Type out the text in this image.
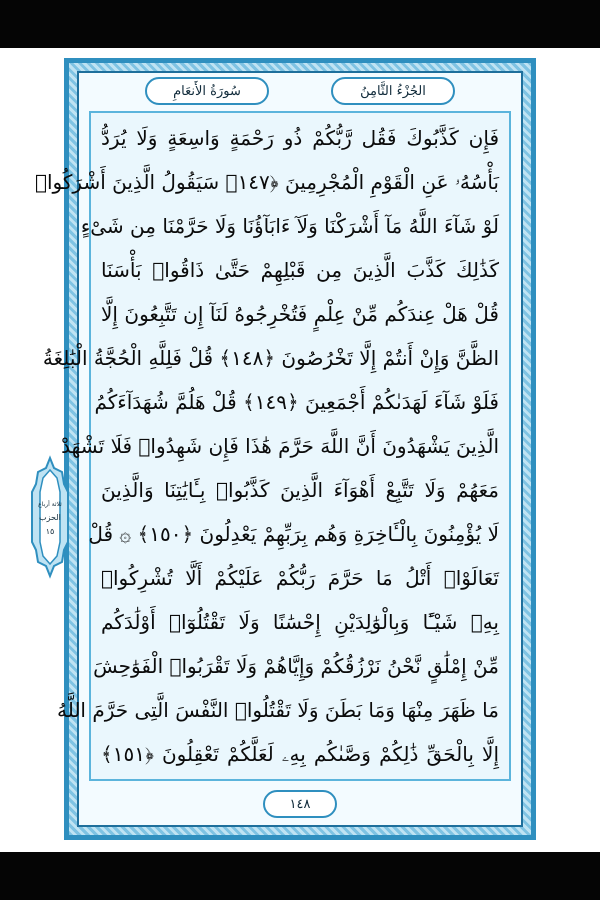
الجُزْءُ الثَّامِنُ
سُورَةُ الأَنعَامِ
فَإِن كَذَّبُوكَ فَقُل رَّبُّكُمْ ذُو رَحْمَةٍ وَاسِعَةٍ وَلَا يُرَدُّ
بَأْسُهُۥ عَنِ الْقَوْمِ الْمُجْرِمِينَ ﴿١٤٧﴾ سَيَقُولُ الَّذِينَ أَشْرَكُوا۟
لَوْ شَآءَ اللَّهُ مَآ أَشْرَكْنَا وَلَآ ءَابَآؤُنَا وَلَا حَرَّمْنَا مِن شَىْءٍ
كَذَٰلِكَ كَذَّبَ الَّذِينَ مِن قَبْلِهِمْ حَتَّىٰ ذَاقُوا۟ بَأْسَنَا
قُلْ هَلْ عِندَكُم مِّنْ عِلْمٍ فَتُخْرِجُوهُ لَنَآ إِن تَتَّبِعُونَ إِلَّا
الظَّنَّ وَإِنْ أَنتُمْ إِلَّا تَخْرُصُونَ ﴿١٤٨﴾ قُلْ فَلِلَّهِ الْحُجَّةُ الْبَٰلِغَةُ
فَلَوْ شَآءَ لَهَدَىٰكُمْ أَجْمَعِينَ ﴿١٤٩﴾ قُلْ هَلُمَّ شُهَدَآءَكُمُ
الَّذِينَ يَشْهَدُونَ أَنَّ اللَّهَ حَرَّمَ هَٰذَا فَإِن شَهِدُوا۟ فَلَا تَشْهَدْ
مَعَهُمْ وَلَا تَتَّبِعْ أَهْوَآءَ الَّذِينَ كَذَّبُوا۟ بِـَٔايَٰتِنَا وَالَّذِينَ
لَا يُؤْمِنُونَ بِالْـَٔاخِرَةِ وَهُم بِرَبِّهِمْ يَعْدِلُونَ ﴿١٥٠﴾ ۞ قُلْ
تَعَالَوْا۟ أَتْلُ مَا حَرَّمَ رَبُّكُمْ عَلَيْكُمْ أَلَّا تُشْرِكُوا۟
بِهِۦ شَيْـًٔا وَبِالْوَٰلِدَيْنِ إِحْسَٰنًا وَلَا تَقْتُلُوٓا۟ أَوْلَٰدَكُم
مِّنْ إِمْلَٰقٍ نَّحْنُ نَرْزُقُكُمْ وَإِيَّاهُمْ وَلَا تَقْرَبُوا۟ الْفَوَٰحِشَ
مَا ظَهَرَ مِنْهَا وَمَا بَطَنَ وَلَا تَقْتُلُوا۟ النَّفْسَ الَّتِى حَرَّمَ اللَّهُ
إِلَّا بِالْحَقِّ ذَٰلِكُمْ وَصَّىٰكُم بِهِۦ لَعَلَّكُمْ تَعْقِلُونَ ﴿١٥١﴾
١٤٨
ثلاثة أرباع
الحزب
١٥
